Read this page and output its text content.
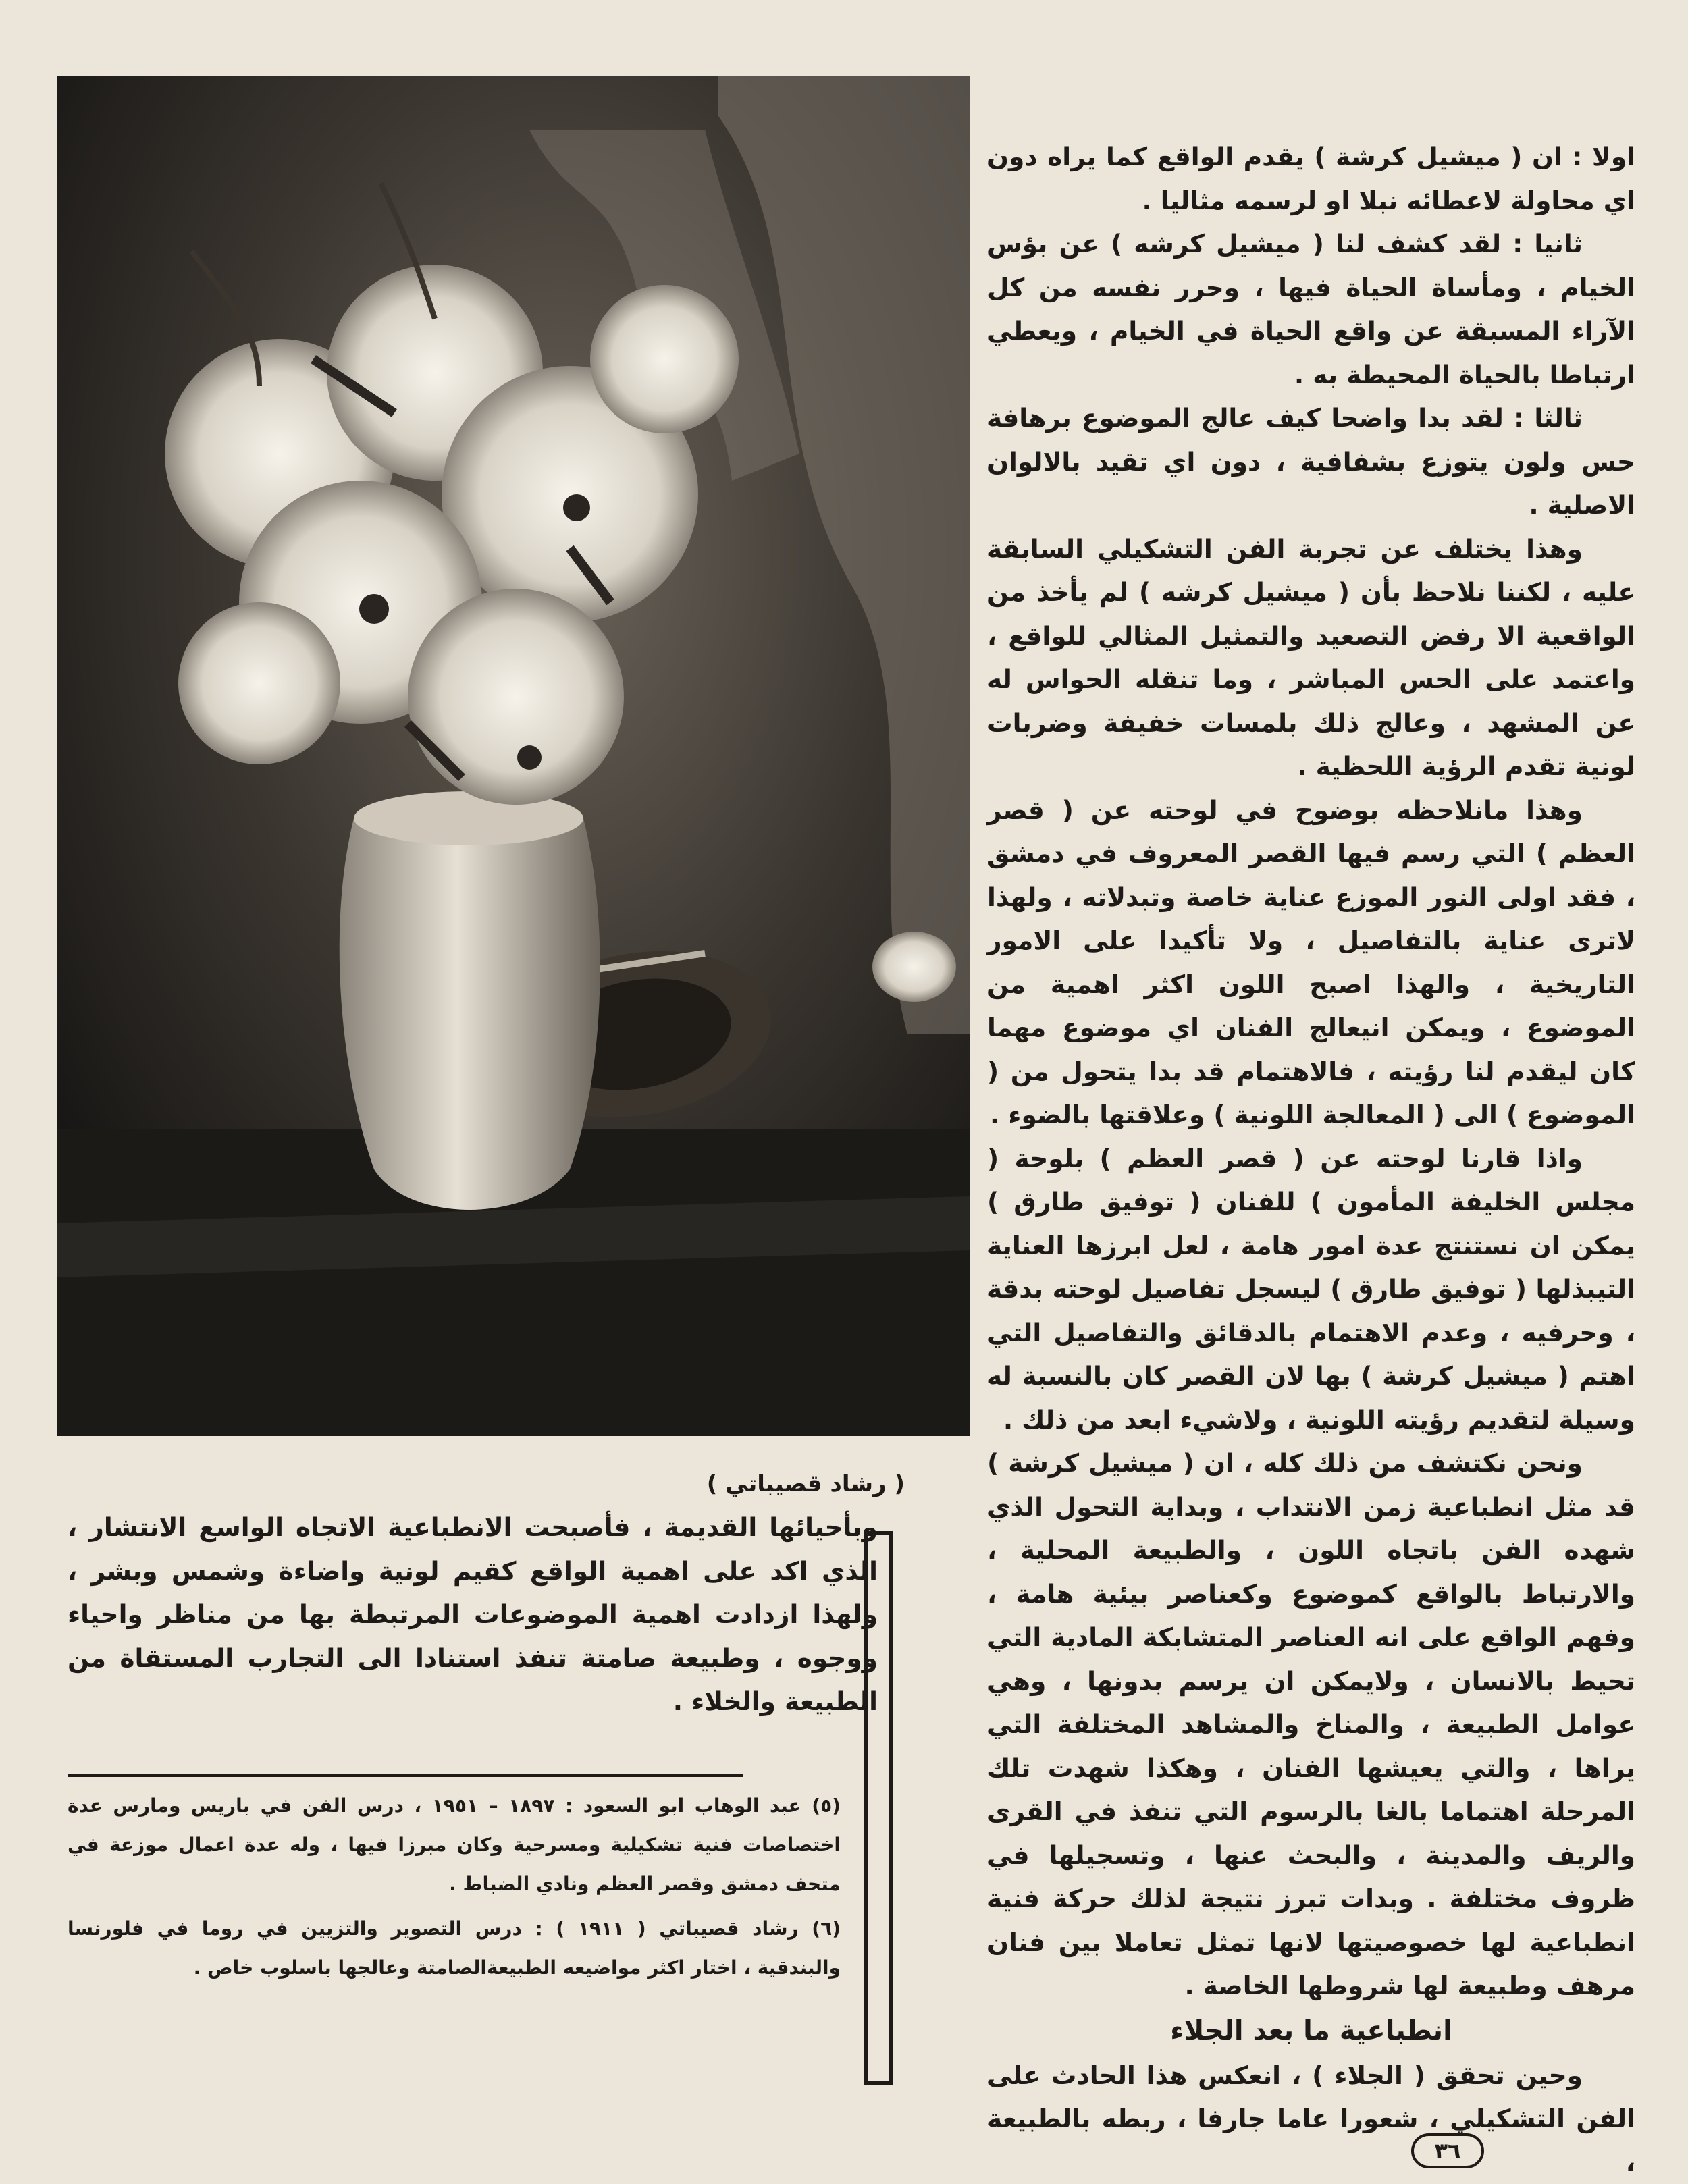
اولا : ان ( ميشيل كرشة ) يقدم الواقع كما يراه دون اي محاولة لاعطائه نبلا او لرسمه مثاليا .

ثانيا : لقد كشف لنا ( ميشيل كرشه ) عن بؤس الخيام ، ومأساة الحياة فيها ، وحرر نفسه من كل الآراء المسبقة عن واقع الحياة في الخيام ، ويعطي ارتباطا بالحياة المحيطة به .

ثالثا : لقد بدا واضحا كيف عالج الموضوع برهافة حس ولون يتوزع بشفافية ، دون اي تقيد بالالوان الاصلية .

وهذا يختلف عن تجربة الفن التشكيلي السابقة عليه ، لكننا نلاحظ بأن ( ميشيل كرشه ) لم يأخذ من الواقعية الا رفض التصعيد والتمثيل المثالي للواقع ، واعتمد على الحس المباشر ، وما تنقله الحواس له عن المشهد ، وعالج ذلك بلمسات خفيفة وضربات لونية تقدم الرؤية اللحظية .

وهذا مانلاحظه بوضوح في لوحته عن ( قصر العظم ) التي رسم فيها القصر المعروف في دمشق ، فقد اولى النور الموزع عناية خاصة وتبدلاته ، ولهذا لاترى عناية بالتفاصيل ، ولا تأكيدا على الامور التاريخية ، والهذا اصبح اللون اكثر اهمية من الموضوع ، ويمكن انيعالج الفنان اي موضوع مهما كان ليقدم لنا رؤيته ، فالاهتمام قد بدا يتحول من ( الموضوع ) الى ( المعالجة اللونية ) وعلاقتها بالضوء .

واذا قارنا لوحته عن ( قصر العظم ) بلوحة ( مجلس الخليفة المأمون ) للفنان ( توفيق طارق ) يمكن ان نستنتج عدة امور هامة ، لعل ابرزها العناية التيبذلها ( توفيق طارق ) ليسجل تفاصيل لوحته بدقة ، وحرفيه ، وعدم الاهتمام بالدقائق والتفاصيل التي اهتم ( ميشيل كرشة ) بها لان القصر كان بالنسبة له وسيلة لتقديم رؤيته اللونية ، ولاشيء ابعد من ذلك .

ونحن نكتشف من ذلك كله ، ان ( ميشيل كرشة ) قد مثل انطباعية زمن الانتداب ، وبداية التحول الذي شهده الفن باتجاه اللون ، والطبيعة المحلية ، والارتباط بالواقع كموضوع وكعناصر بيئية هامة ، وفهم الواقع على انه العناصر المتشابكة المادية التي تحيط بالانسان ، ولايمكن ان يرسم بدونها ، وهي عوامل الطبيعة ، والمناخ والمشاهد المختلفة التي يراها ، والتي يعيشها الفنان ، وهكذا شهدت تلك المرحلة اهتماما بالغا بالرسوم التي تنفذ في القرى والريف والمدينة ، والبحث عنها ، وتسجيلها في ظروف مختلفة . وبدات تبرز نتيجة لذلك حركة فنية انطباعية لها خصوصيتها لانها تمثل تعاملا بين فنان مرهف وطبيعة لها شروطها الخاصة .

انطباعية ما بعد الجلاء

وحين تحقق ( الجلاء ) ، انعكس هذا الحادث على الفن التشكيلي ، شعورا عاما جارفا ، ربطه بالطبيعة ،

( رشاد قصيباتي )

وبأحيائها القديمة ، فأصبحت الانطباعية الاتجاه الواسع الانتشار ، الذي اكد على اهمية الواقع كقيم لونية واضاءة وشمس وبشر ، ولهذا ازدادت اهمية الموضوعات المرتبطة بها من مناظر واحياء ووجوه ، وطبيعة صامتة تنفذ استنادا الى التجارب المستقاة من الطبيعة والخلاء .

(٥) عبد الوهاب ابو السعود : ١٨٩٧ – ١٩٥١ ، درس الفن في باريس ومارس عدة اختصاصات فنية تشكيلية ومسرحية وكان مبرزا فيها ، وله عدة اعمال موزعة في متحف دمشق وقصر العظم ونادي الضباط .

(٦) رشاد قصيباتي ( ١٩١١ ) : درس التصوير والتزيين في روما في فلورنسا والبندقية ، اختار اكثر مواضيعه الطبيعةالصامتة وعالجها باسلوب خاص .

٣٦
